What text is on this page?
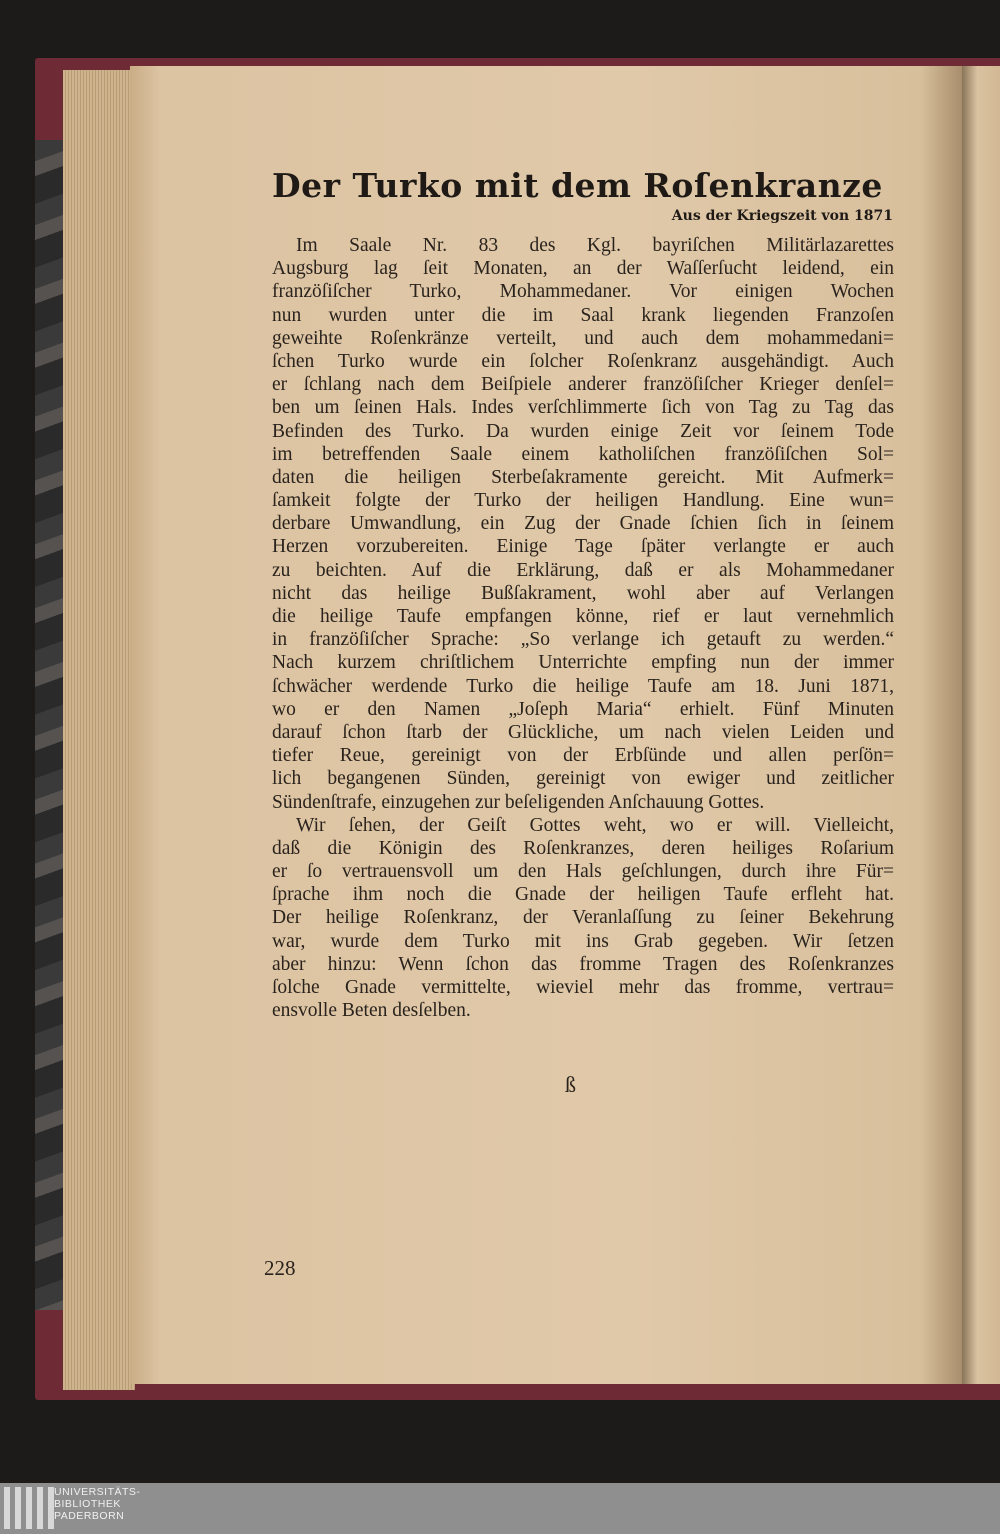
Der Turko mit dem Roſenkranze
Aus der Kriegszeit von 1871
Im Saale Nr. 83 des Kgl. bayriſchen Militärlazarettes
Augsburg lag ſeit Monaten, an der Waſſerſucht leidend, ein
franzöſiſcher Turko, Mohammedaner. Vor einigen Wochen
nun wurden unter die im Saal krank liegenden Franzoſen
geweihte Roſenkränze verteilt, und auch dem mohammedani=
ſchen Turko wurde ein ſolcher Roſenkranz ausgehändigt. Auch
er ſchlang nach dem Beiſpiele anderer franzöſiſcher Krieger denſel=
ben um ſeinen Hals. Indes verſchlimmerte ſich von Tag zu Tag das
Befinden des Turko. Da wurden einige Zeit vor ſeinem Tode
im betreffenden Saale einem katholiſchen franzöſiſchen Sol=
daten die heiligen Sterbeſakramente gereicht. Mit Aufmerk=
ſamkeit folgte der Turko der heiligen Handlung. Eine wun=
derbare Umwandlung, ein Zug der Gnade ſchien ſich in ſeinem
Herzen vorzubereiten. Einige Tage ſpäter verlangte er auch
zu beichten. Auf die Erklärung, daß er als Mohammedaner
nicht das heilige Bußſakrament, wohl aber auf Verlangen
die heilige Taufe empfangen könne, rief er laut vernehmlich
in franzöſiſcher Sprache: „So verlange ich getauft zu werden.“
Nach kurzem chriſtlichem Unterrichte empfing nun der immer
ſchwächer werdende Turko die heilige Taufe am 18. Juni 1871,
wo er den Namen „Joſeph Maria“ erhielt. Fünf Minuten
darauf ſchon ſtarb der Glückliche, um nach vielen Leiden und
tiefer Reue, gereinigt von der Erbſünde und allen perſön=
lich begangenen Sünden, gereinigt von ewiger und zeitlicher
Sündenſtrafe, einzugehen zur beſeligenden Anſchauung Gottes.
Wir ſehen, der Geiſt Gottes weht, wo er will. Vielleicht,
daß die Königin des Roſenkranzes, deren heiliges Roſarium
er ſo vertrauensvoll um den Hals geſchlungen, durch ihre Für=
ſprache ihm noch die Gnade der heiligen Taufe erfleht hat.
Der heilige Roſenkranz, der Veranlaſſung zu ſeiner Bekehrung
war, wurde dem Turko mit ins Grab gegeben. Wir ſetzen
aber hinzu: Wenn ſchon das fromme Tragen des Roſenkranzes
ſolche Gnade vermittelte, wieviel mehr das fromme, vertrau=
ensvolle Beten desſelben.
ß
228
UNIVERSITÄTS-
BIBLIOTHEK
PADERBORN
